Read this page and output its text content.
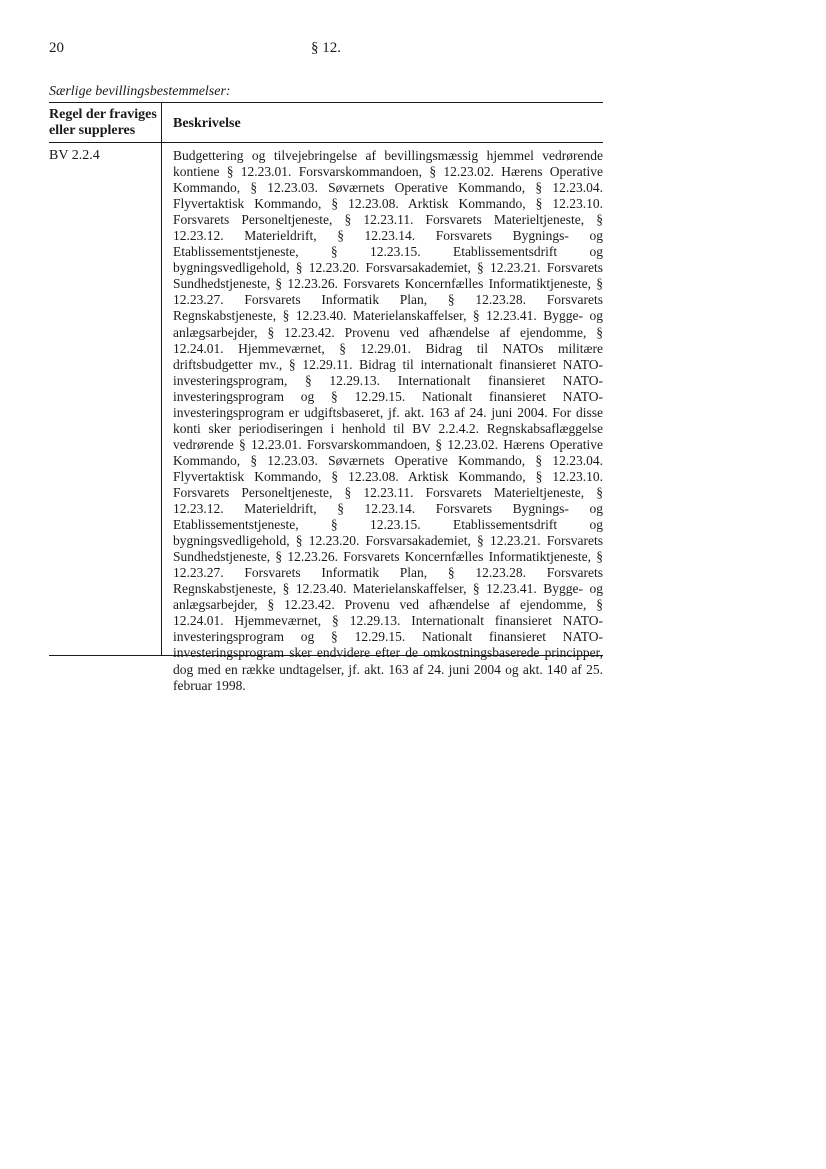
20	§ 12.
Særlige bevillingsbestemmelser:
Regel der fraviges eller suppleres	Beskrivelse
BV 2.2.4	Budgettering og tilvejebringelse af bevillingsmæssig hjemmel vedrørende kontiene § 12.23.01. Forsvarskommandoen, § 12.23.02. Hærens Operative Kommando, § 12.23.03. Søværnets Operative Kommando, § 12.23.04. Flyvertaktisk Kommando, § 12.23.08. Arktisk Kommando, § 12.23.10. Forsvarets Personeltjeneste, § 12.23.11. Forsvarets Materieltjeneste, § 12.23.12. Materieldrift, § 12.23.14. Forsvarets Bygnings- og Etablissementstjeneste, § 12.23.15. Etablissementsdrift og bygningsvedligehold, § 12.23.20. Forsvarsakademiet, § 12.23.21. Forsvarets Sundhedstjeneste, § 12.23.26. Forsvarets Koncernfælles Informatiktjeneste, § 12.23.27. Forsvarets Informatik Plan, § 12.23.28. Forsvarets Regnskabstjeneste, § 12.23.40. Materielanskaffelser, § 12.23.41. Bygge- og anlægsarbejder, § 12.23.42. Provenu ved afhændelse af ejendomme, § 12.24.01. Hjemmeværnet, § 12.29.01. Bidrag til NATOs militære driftsbudgetter mv., § 12.29.11. Bidrag til internationalt finansieret NATO-investeringsprogram, § 12.29.13. Internationalt finansieret NATO-investeringsprogram og § 12.29.15. Nationalt finansieret NATO-investeringsprogram er udgiftsbaseret, jf. akt. 163 af 24. juni 2004. For disse konti sker periodiseringen i henhold til BV 2.2.4.2. Regnskabsaflæggelse vedrørende § 12.23.01. Forsvarskommandoen, § 12.23.02. Hærens Operative Kommando, § 12.23.03. Søværnets Operative Kommando, § 12.23.04. Flyvertaktisk Kommando, § 12.23.08. Arktisk Kommando, § 12.23.10. Forsvarets Personeltjeneste, § 12.23.11. Forsvarets Materieltjeneste, § 12.23.12. Materieldrift, § 12.23.14. Forsvarets Bygnings- og Etablissementstjeneste, § 12.23.15. Etablissementsdrift og bygningsvedligehold, § 12.23.20. Forsvarsakademiet, § 12.23.21. Forsvarets Sundhedstjeneste, § 12.23.26. Forsvarets Koncernfælles Informatiktjeneste, § 12.23.27. Forsvarets Informatik Plan, § 12.23.28. Forsvarets Regnskabstjeneste, § 12.23.40. Materielanskaffelser, § 12.23.41. Bygge- og anlægsarbejder, § 12.23.42. Provenu ved afhændelse af ejendomme, § 12.24.01. Hjemmeværnet, § 12.29.13. Internationalt finansieret NATO-investeringsprogram og § 12.29.15. Nationalt finansieret NATO-investeringsprogram sker endvidere efter de omkostningsbaserede principper, dog med en række undtagelser, jf. akt. 163 af 24. juni 2004 og akt. 140 af 25. februar 1998.
